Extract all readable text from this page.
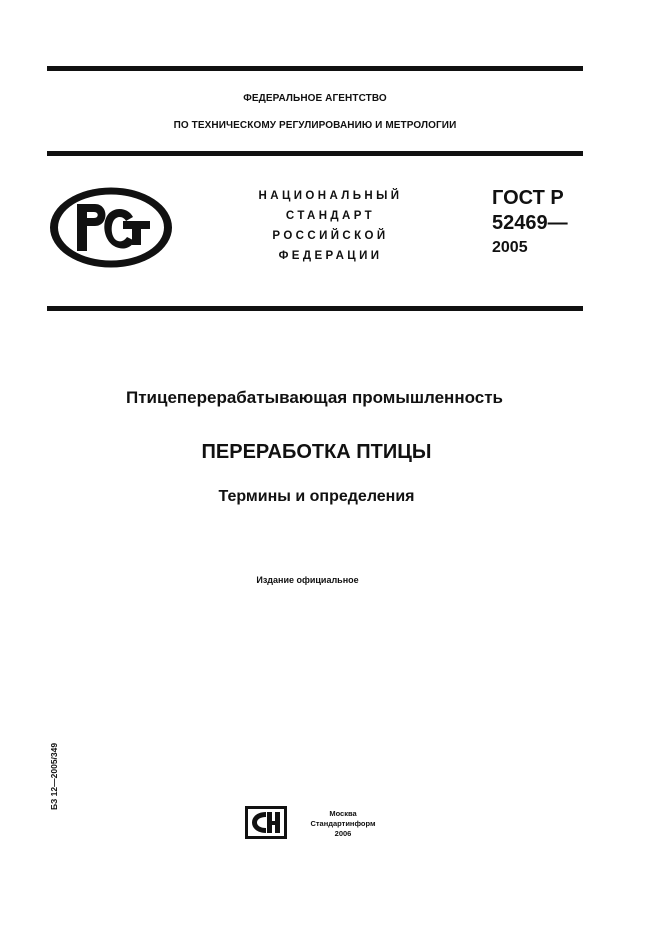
ФЕДЕРАЛЬНОЕ АГЕНТСТВО
ПО ТЕХНИЧЕСКОМУ РЕГУЛИРОВАНИЮ И МЕТРОЛОГИИ
НАЦИОНАЛЬНЫЙ
СТАНДАРТ
РОССИЙСКОЙ
ФЕДЕРАЦИИ
ГОСТ Р
52469—
2005
Птицеперерабатывающая промышленность
ПЕРЕРАБОТКА ПТИЦЫ
Термины и определения
Издание официальное
БЗ 12—2005/349
Москва
Стандартинформ
2006
